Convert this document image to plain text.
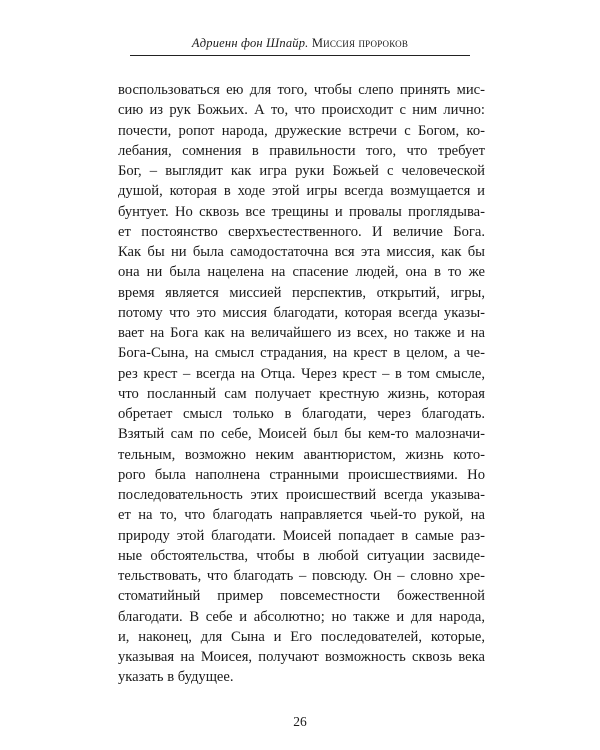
Адриенн фон Шпайр. Миссия пророков
воспользоваться ею для того, чтобы слепо принять мис-
сию из рук Божьих. А то, что происходит с ним лично:
почести, ропот народа, дружеские встречи с Богом, ко-
лебания, сомнения в правильности того, что требует
Бог, – выглядит как игра руки Божьей с человеческой
душой, которая в ходе этой игры всегда возмущается и
бунтует. Но сквозь все трещины и провалы проглядыва-
ет постоянство сверхъестественного. И величие Бога.
Как бы ни была самодостаточна вся эта миссия, как бы
она ни была нацелена на спасение людей, она в то же
время является миссией перспектив, открытий, игры,
потому что это миссия благодати, которая всегда указы-
вает на Бога как на величайшего из всех, но также и на
Бога-Сына, на смысл страдания, на крест в целом, а че-
рез крест – всегда на Отца. Через крест – в том смысле,
что посланный сам получает крестную жизнь, которая
обретает смысл только в благодати, через благодать.
Взятый сам по себе, Моисей был бы кем-то малозначи-
тельным, возможно неким авантюристом, жизнь кото-
рого была наполнена странными происшествиями. Но
последовательность этих происшествий всегда указыва-
ет на то, что благодать направляется чьей-то рукой, на
природу этой благодати. Моисей попадает в самые раз-
ные обстоятельства, чтобы в любой ситуации засвиде-
тельствовать, что благодать – повсюду. Он – словно хре-
стоматийный пример повсеместности божественной
благодати. В себе и абсолютно; но также и для народа,
и, наконец, для Сына и Его последователей, которые,
указывая на Моисея, получают возможность сквозь века
указать в будущее.
26
